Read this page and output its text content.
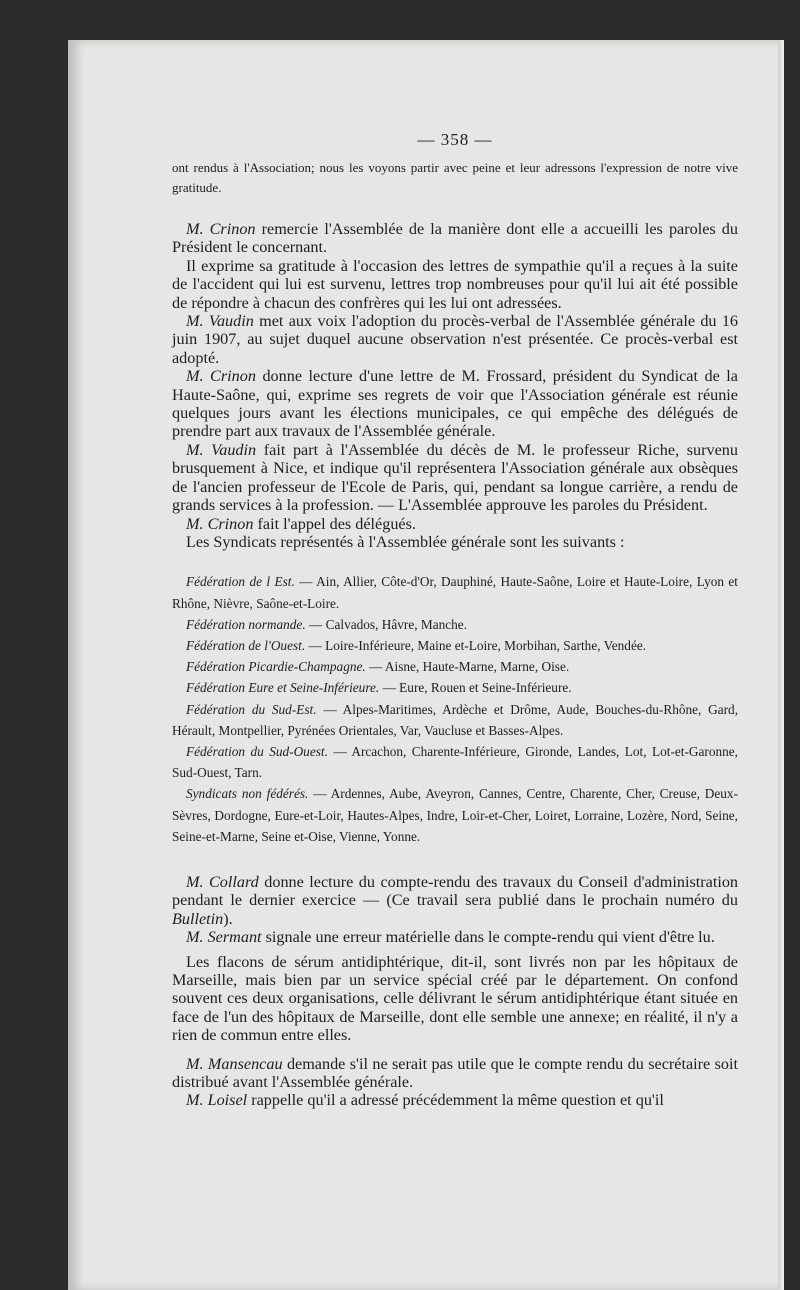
— 358 —

ont rendus à l'Association; nous les voyons partir avec peine et leur adressons l'expression de notre vive gratitude.

M. Crinon remercie l'Assemblée de la manière dont elle a accueilli les paroles du Président le concernant.

Il exprime sa gratitude à l'occasion des lettres de sympathie qu'il a reçues à la suite de l'accident qui lui est survenu, lettres trop nombreuses pour qu'il lui ait été possible de répondre à chacun des confrères qui les lui ont adressées.

M. Vaudin met aux voix l'adoption du procès-verbal de l'Assemblée générale du 16 juin 1907, au sujet duquel aucune observation n'est présentée. Ce procès-verbal est adopté.

M. Crinon donne lecture d'une lettre de M. Frossard, président du Syndicat de la Haute-Saône, qui, exprime ses regrets de voir que l'Association générale est réunie quelques jours avant les élections municipales, ce qui empêche des délégués de prendre part aux travaux de l'Assemblée générale.

M. Vaudin fait part à l'Assemblée du décès de M. le professeur Riche, survenu brusquement à Nice, et indique qu'il représentera l'Association générale aux obsèques de l'ancien professeur de l'Ecole de Paris, qui, pendant sa longue carrière, a rendu de grands services à la profession. — L'Assemblée approuve les paroles du Président.

M. Crinon fait l'appel des délégués.

Les Syndicats représentés à l'Assemblée générale sont les suivants :

Fédération de l Est. — Ain, Allier, Côte-d'Or, Dauphiné, Haute-Saône, Loire et Haute-Loire, Lyon et Rhône, Nièvre, Saône-et-Loire.

Fédération normande. — Calvados, Hâvre, Manche.

Fédération de l'Ouest. — Loire-Inférieure, Maine et-Loire, Morbihan, Sarthe, Vendée.

Fédération Picardie-Champagne. — Aisne, Haute-Marne, Marne, Oise.

Fédération Eure et Seine-Inférieure. — Eure, Rouen et Seine-Inférieure.

Fédération du Sud-Est. — Alpes-Maritimes, Ardèche et Drôme, Aude, Bouches-du-Rhône, Gard, Hérault, Montpellier, Pyrénées Orientales, Var, Vaucluse et Basses-Alpes.

Fédération du Sud-Ouest. — Arcachon, Charente-Inférieure, Gironde, Landes, Lot, Lot-et-Garonne, Sud-Ouest, Tarn.

Syndicats non fédérés. — Ardennes, Aube, Aveyron, Cannes, Centre, Charente, Cher, Creuse, Deux-Sèvres, Dordogne, Eure-et-Loir, Hautes-Alpes, Indre, Loir-et-Cher, Loiret, Lorraine, Lozère, Nord, Seine, Seine-et-Marne, Seine et-Oise, Vienne, Yonne.

M. Collard donne lecture du compte-rendu des travaux du Conseil d'administration pendant le dernier exercice — (Ce travail sera publié dans le prochain numéro du Bulletin).

M. Sermant signale une erreur matérielle dans le compte-rendu qui vient d'être lu.

Les flacons de sérum antidiphtérique, dit-il, sont livrés non par les hôpitaux de Marseille, mais bien par un service spécial créé par le département. On confond souvent ces deux organisations, celle délivrant le sérum antidiphtérique étant située en face de l'un des hôpitaux de Marseille, dont elle semble une annexe; en réalité, il n'y a rien de commun entre elles.

M. Mansencau demande s'il ne serait pas utile que le compte rendu du secrétaire soit distribué avant l'Assemblée générale.

M. Loisel rappelle qu'il a adressé précédemment la même question et qu'il
